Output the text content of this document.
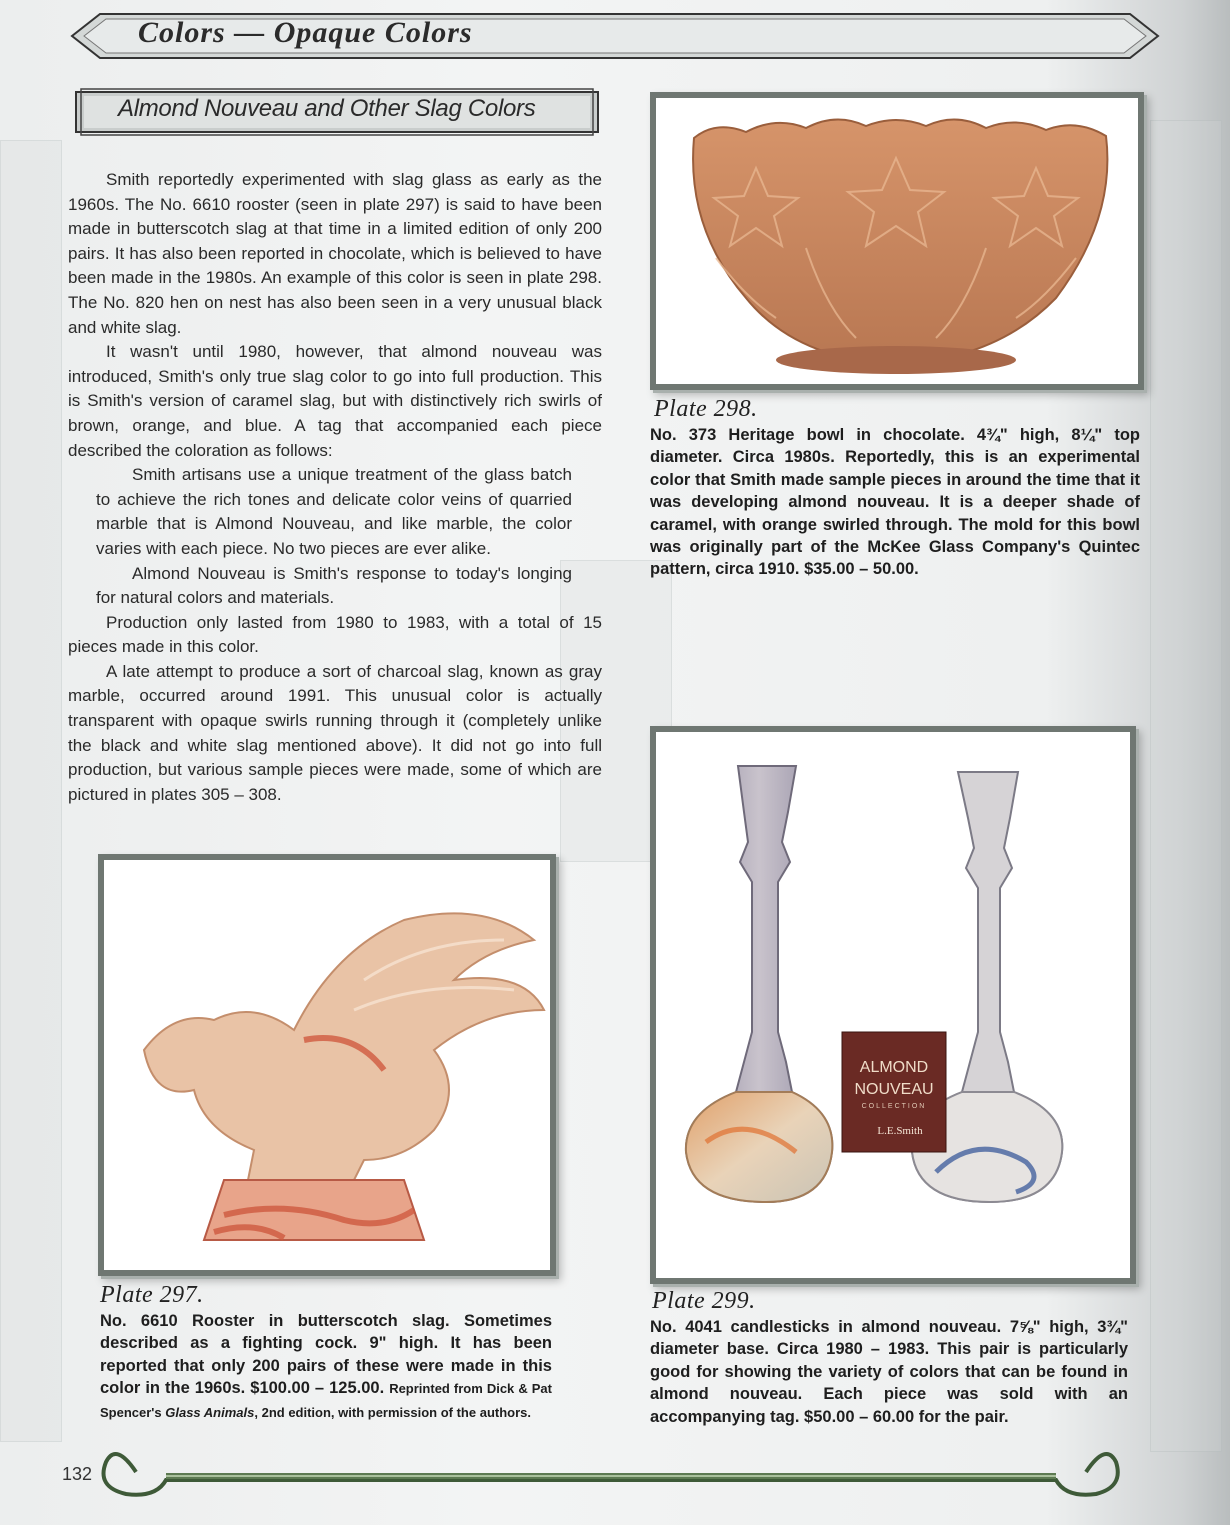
Colors — Opaque Colors
Almond Nouveau and Other Slag Colors

Smith reportedly experimented with slag glass as early as the 1960s. The No. 6610 rooster (seen in plate 297) is said to have been made in butterscotch slag at that time in a limited edition of only 200 pairs. It has also been reported in chocolate, which is believed to have been made in the 1980s. An example of this color is seen in plate 298. The No. 820 hen on nest has also been seen in a very unusual black and white slag.

It wasn't until 1980, however, that almond nouveau was introduced, Smith's only true slag color to go into full production. This is Smith's version of caramel slag, but with distinctively rich swirls of brown, orange, and blue. A tag that accompanied each piece described the coloration as follows:

Smith artisans use a unique treatment of the glass batch to achieve the rich tones and delicate color veins of quarried marble that is Almond Nouveau, and like marble, the color varies with each piece. No two pieces are ever alike.

Almond Nouveau is Smith's response to today's longing for natural colors and materials.

Production only lasted from 1980 to 1983, with a total of 15 pieces made in this color.

A late attempt to produce a sort of charcoal slag, known as gray marble, occurred around 1991. This unusual color is actually transparent with opaque swirls running through it (completely unlike the black and white slag mentioned above). It did not go into full production, but various sample pieces were made, some of which are pictured in plates 305 – 308.

Plate 298.
No. 373 Heritage bowl in chocolate. 4¾" high, 8¼" top diameter. Circa 1980s. Reportedly, this is an experimental color that Smith made sample pieces in around the time that it was developing almond nouveau. It is a deeper shade of caramel, with orange swirled through. The mold for this bowl was originally part of the McKee Glass Company's Quintec pattern, circa 1910. $35.00 – 50.00.
Plate 297.
No. 6610 Rooster in butterscotch slag. Sometimes described as a fighting cock. 9" high. It has been reported that only 200 pairs of these were made in this color in the 1960s. $100.00 – 125.00. Reprinted from Dick & Pat Spencer's Glass Animals, 2nd edition, with permission of the authors.
ALMOND
NOUVEAU
COLLECTION
L.E.Smith
Plate 299.
No. 4041 candlesticks in almond nouveau. 7⅝" high, 3¾" diameter base. Circa 1980 – 1983. This pair is particularly good for showing the variety of colors that can be found in almond nouveau. Each piece was sold with an accompanying tag. $50.00 – 60.00 for the pair.
132
